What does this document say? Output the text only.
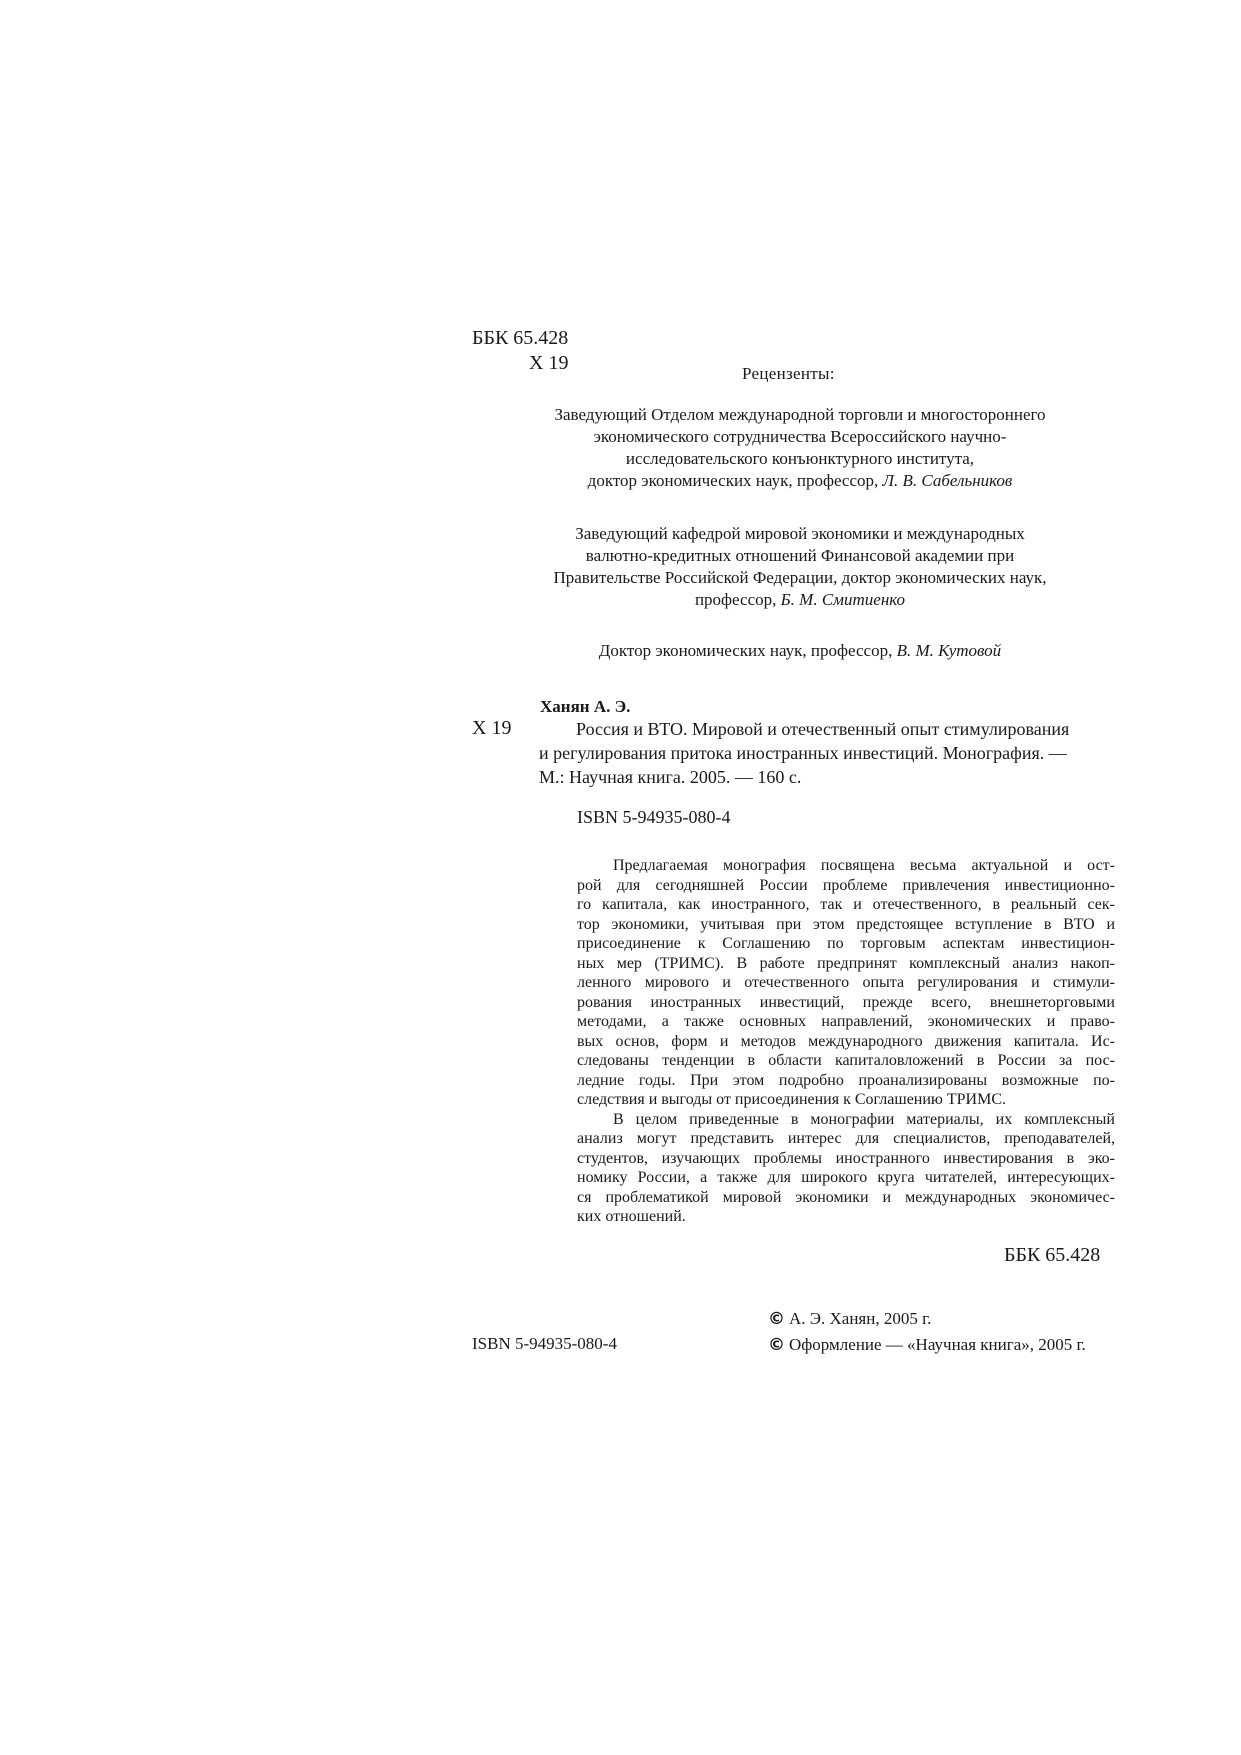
ББК 65.428
Х 19	Рецензенты:
Заведующий Отделом международной торговли и многостороннего
экономического сотрудничества Всероссийского научно-
исследовательского конъюнктурного института,
доктор экономических наук, профессор, Л. В. Сабельников
Заведующий кафедрой мировой экономики и международных
валютно-кредитных отношений Финансовой академии при
Правительстве Российской Федерации, доктор экономических наук,
профессор, Б. М. Смитиенко
Доктор экономических наук, профессор, В. М. Кутовой
Ханян А. Э.
Х 19	Россия и ВТО. Мировой и отечественный опыт стимулирования
и регулирования притока иностранных инвестиций. Монография. —
М.: Научная книга. 2005. — 160 с.
ISBN 5-94935-080-4
Предлагаемая монография посвящена весьма актуальной и ост-
рой для сегодняшней России проблеме привлечения инвестиционно-
го капитала, как иностранного, так и отечественного, в реальный сек-
тор экономики, учитывая при этом предстоящее вступление в ВТО и
присоединение к Соглашению по торговым аспектам инвестицион-
ных мер (ТРИМС). В работе предпринят комплексный анализ накоп-
ленного мирового и отечественного опыта регулирования и стимули-
рования иностранных инвестиций, прежде всего, внешнеторговыми
методами, а также основных направлений, экономических и право-
вых основ, форм и методов международного движения капитала. Ис-
следованы тенденции в области капиталовложений в России за пос-
ледние годы. При этом подробно проанализированы возможные по-
следствия и выгоды от присоединения к Соглашению ТРИМС.
В целом приведенные в монографии материалы, их комплексный
анализ могут представить интерес для специалистов, преподавателей,
студентов, изучающих проблемы иностранного инвестирования в эко-
номику России, а также для широкого круга читателей, интересующих-
ся проблематикой мировой экономики и международных экономичес-
ких отношений.
ББК 65.428
© А. Э. Ханян, 2005 г.
© Оформление — «Научная книга», 2005 г.
ISBN 5-94935-080-4
